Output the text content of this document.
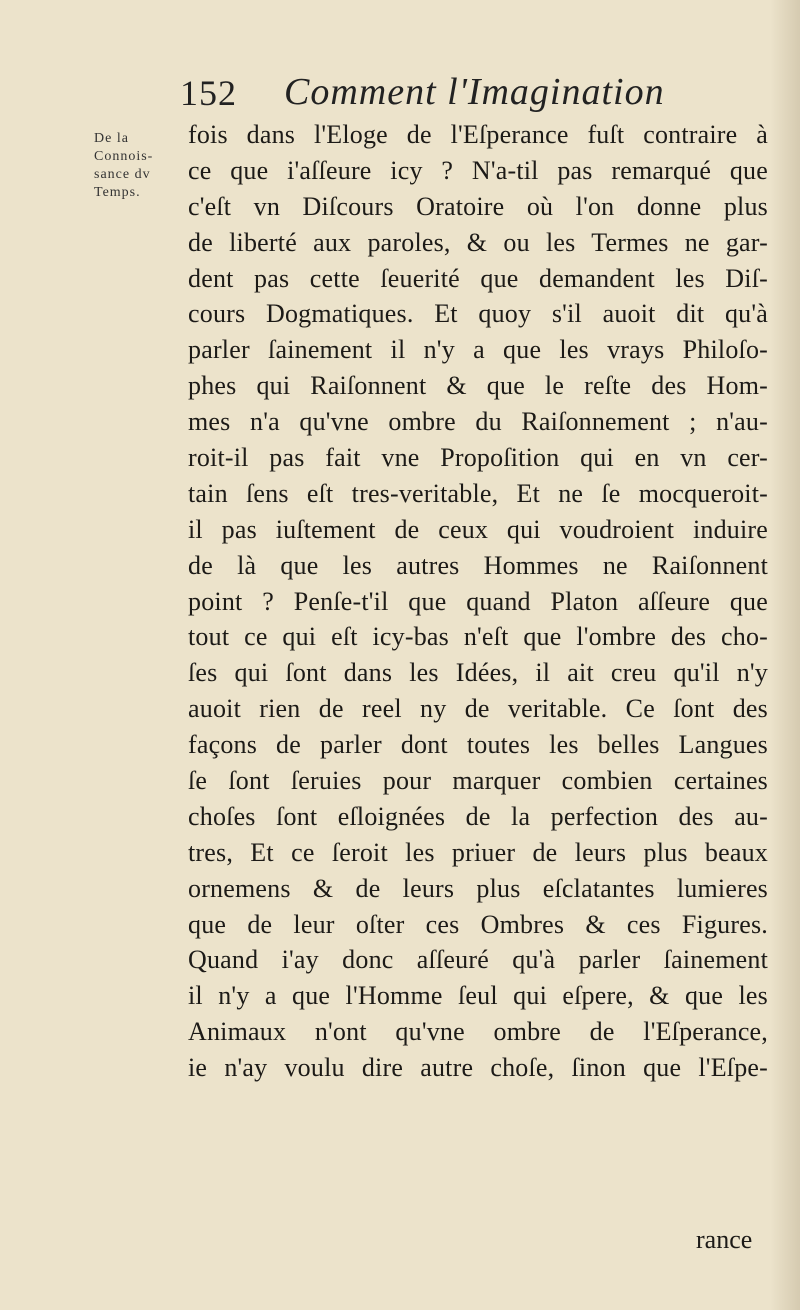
152 Comment l'Imagination
De la
Connois-
sance dv
Temps.
fois dans l'Eloge de l'Eſperance fuſt contraire à
ce que i'aſſeure icy ? N'a-til pas remarqué que
c'eſt vn Diſcours Oratoire où l'on donne plus
de liberté aux paroles, & ou les Termes ne gar-
dent pas cette ſeuerité que demandent les Diſ-
cours Dogmatiques. Et quoy s'il auoit dit qu'à
parler ſainement il n'y a que les vrays Philoſo-
phes qui Raiſonnent & que le reſte des Hom-
mes n'a qu'vne ombre du Raiſonnement ; n'au-
roit-il pas fait vne Propoſition qui en vn cer-
tain ſens eſt tres-veritable, Et ne ſe mocqueroit-
il pas iuſtement de ceux qui voudroient induire
de là que les autres Hommes ne Raiſonnent
point ? Penſe-t'il que quand Platon aſſeure que
tout ce qui eſt icy-bas n'eſt que l'ombre des cho-
ſes qui ſont dans les Idées, il ait creu qu'il n'y
auoit rien de reel ny de veritable. Ce ſont des
façons de parler dont toutes les belles Langues
ſe ſont ſeruies pour marquer combien certaines
choſes ſont eſloignées de la perfection des au-
tres, Et ce ſeroit les priuer de leurs plus beaux
ornemens & de leurs plus eſclatantes lumieres
que de leur oſter ces Ombres & ces Figures.
Quand i'ay donc aſſeuré qu'à parler ſainement
il n'y a que l'Homme ſeul qui eſpere, & que les
Animaux n'ont qu'vne ombre de l'Eſperance,
ie n'ay voulu dire autre choſe, ſinon que l'Eſpe-
rance
